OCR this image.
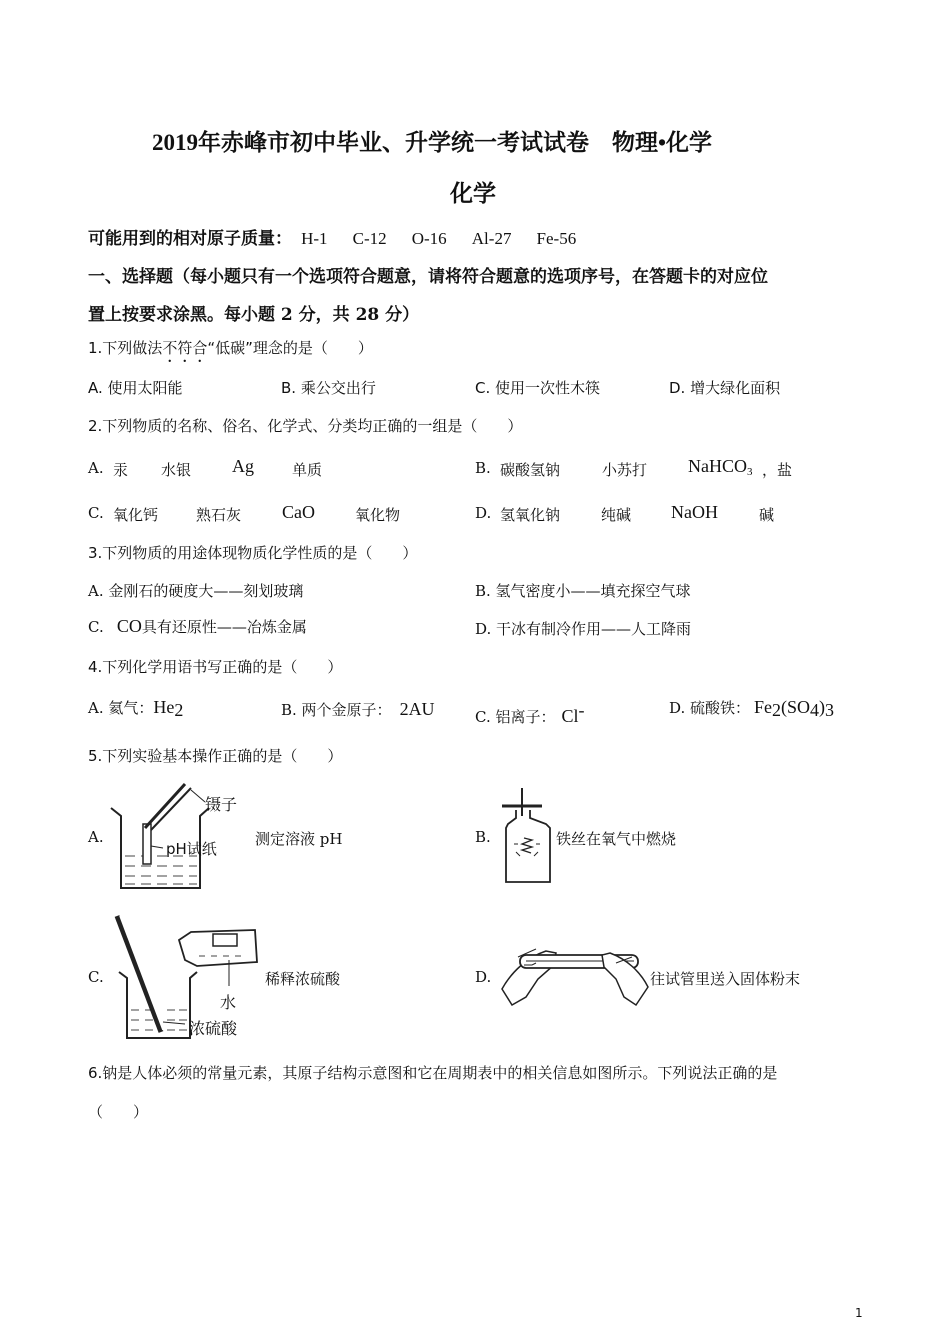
2019年赤峰市初中毕业、升学统一考试试卷　物理•化学
化学
可能用到的相对原子质量： H-1 C-12 O-16 Al-27 Fe-56
一、选择题（每小题只有一个选项符合题意，请将符合题意的选项序号，在答题卡的对应位
置上按要求涂黑。每小题 2 分，共 28 分）
1.下列做法不符合“低碳”理念的是（　　）
A. 使用太阳能	B. 乘公交出行	C. 使用一次性木筷	D. 增大绿化面积
2.下列物质的名称、俗名、化学式、分类均正确的一组是（　　）
A. 汞 水银 Ag	单质	B. 碳酸氢钠	小苏打 NaHCO$_3$ ，盐
C. 氧化钙	熟石灰 CaO	氧化物	D. 氢氧化钠	纯碱 NaOH	碱
3.下列物质的用途体现物质化学性质的是（　　）
A. 金刚石的硬度大——刻划玻璃	B. 氢气密度小——填充探空气球
C. CO具有还原性——冶炼金属	D. 干冰有制冷作用——人工降雨
4.下列化学用语书写正确的是（　　）
A. 氦气：$He_2$	B. 两个金原子： 2AU	C. 铝离子： Cl-	D. 硫酸铁： $Fe_2(SO_4)_3$
5.下列实验基本操作正确的是（　　）
A.
镊子
pH试纸
测定溶液 pH	B.	铁丝在氧气中燃烧
C.
水
浓硫酸
稀释浓硫酸	D.	往试管里送入固体粉末
6.钠是人体必须的常量元素，其原子结构示意图和它在周期表中的相关信息如图所示。下列说法正确的是
（　　）
1
